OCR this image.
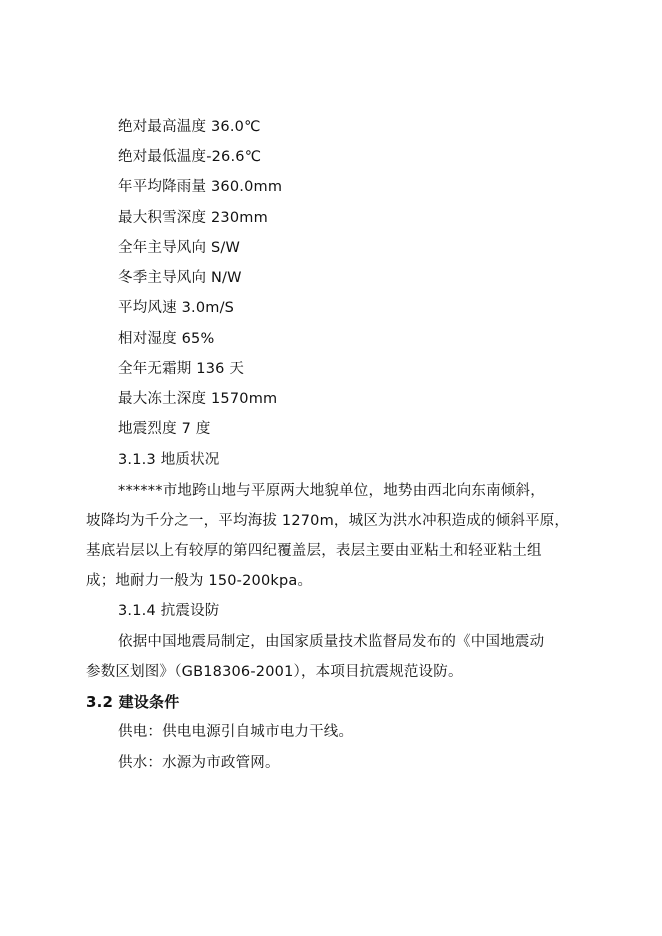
绝对最高温度 36.0℃
绝对最低温度-26.6℃
年平均降雨量 360.0mm
最大积雪深度 230mm
全年主导风向 S/W
冬季主导风向 N/W
平均风速 3.0m/S
相对湿度 65%
全年无霜期 136 天
最大冻土深度 1570mm
地震烈度 7 度
3.1.3 地质状况
******市地跨山地与平原两大地貌单位，地势由西北向东南倾斜，
坡降均为千分之一，平均海拔 1270m，城区为洪水冲积造成的倾斜平原，
基底岩层以上有较厚的第四纪覆盖层，表层主要由亚粘土和轻亚粘土组
成；地耐力一般为 150-200kpa。
3.1.4 抗震设防
依据中国地震局制定，由国家质量技术监督局发布的《中国地震动
参数区划图》（GB18306-2001），本项目抗震规范设防。
3.2 建设条件
供电：供电电源引自城市电力干线。
供水：水源为市政管网。
